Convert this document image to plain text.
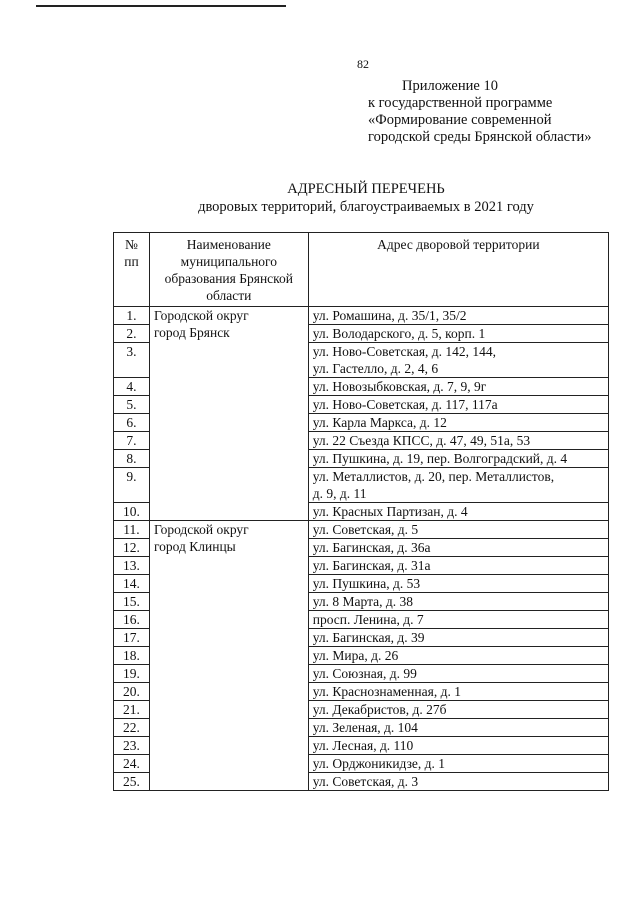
82
Приложение 10
к государственной программе
«Формирование современной
городской среды Брянской области»
АДРЕСНЫЙ ПЕРЕЧЕНЬ
дворовых территорий, благоустраиваемых в 2021 году
№
пп	Наименование
муниципального
образования Брянской
области	Адрес дворовой территории
1.	Городской округ
город Брянск	ул. Ромашина, д. 35/1, 35/2
2.		ул. Володарского, д. 5, корп. 1
3.		ул. Ново-Советская, д. 142, 144,
ул. Гастелло, д. 2, 4, 6
4.		ул. Новозыбковская, д. 7, 9, 9г
5.		ул. Ново-Советская, д. 117, 117а
6.		ул. Карла Маркса, д. 12
7.		ул. 22 Съезда КПСС, д. 47, 49, 51а, 53
8.		ул. Пушкина, д. 19, пер. Волгоградский, д. 4
9.		ул. Металлистов, д. 20, пер. Металлистов,
д. 9, д. 11
10.		ул. Красных Партизан, д. 4
11.	Городской округ
город Клинцы	ул. Советская, д. 5
12.		ул. Багинская, д. 36а
13.		ул. Багинская, д. 31а
14.		ул. Пушкина, д. 53
15.		ул. 8 Марта, д. 38
16.		просп. Ленина, д. 7
17.		ул. Багинская, д. 39
18.		ул. Мира, д. 26
19.		ул. Союзная, д. 99
20.		ул. Краснознаменная, д. 1
21.		ул. Декабристов, д. 27б
22.		ул. Зеленая, д. 104
23.		ул. Лесная, д. 110
24.		ул. Орджоникидзе, д. 1
25.		ул. Советская, д. 3
